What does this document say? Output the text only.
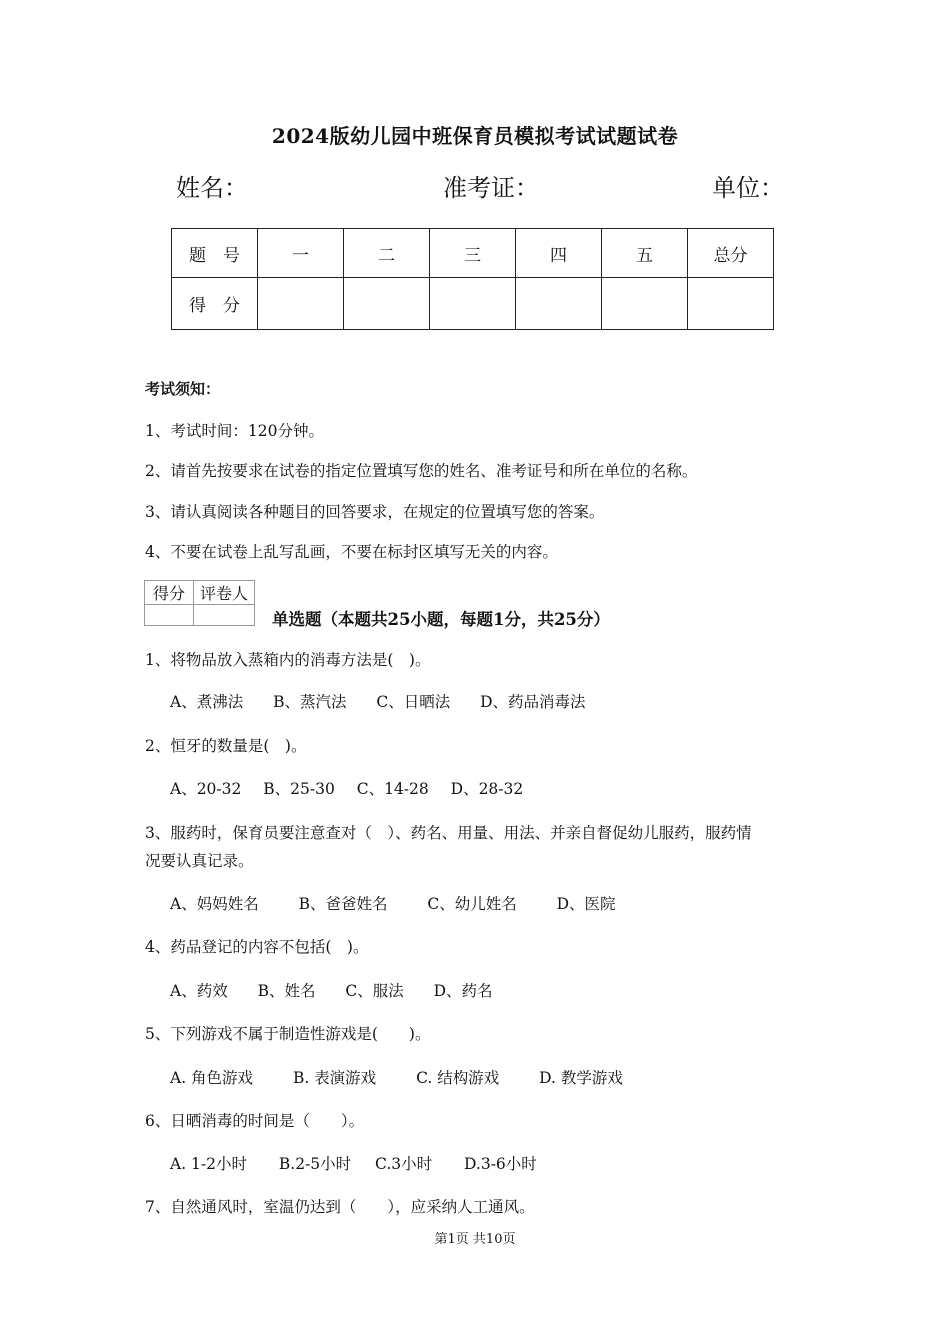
2024版幼儿园中班保育员模拟考试试题试卷
姓名：	准考证：	单位：
题　号	一	二	三	四	五	总分
得　分						
考试须知：
1、考试时间：120分钟。
2、请首先按要求在试卷的指定位置填写您的姓名、准考证号和所在单位的名称。
3、请认真阅读各种题目的回答要求，在规定的位置填写您的答案。
4、不要在试卷上乱写乱画，不要在标封区填写无关的内容。
得分	评卷人

单选题（本题共25小题，每题1分，共25分）
1、将物品放入蒸箱内的消毒方法是(　)。
A、煮沸法 B、蒸汽法 C、日晒法 D、药品消毒法
2、恒牙的数量是(　)。
A、20-32 B、25-30 C、14-28 D、28-32
3、服药时，保育员要注意查对（　）、药名、用量、用法、并亲自督促幼儿服药，服药情
况要认真记录。
A、妈妈姓名	B、爸爸姓名	C、幼儿姓名	D、医院
4、药品登记的内容不包括(　)。
A、药效 B、姓名 C、服法 D、药名
5、下列游戏不属于制造性游戏是(　　)。
A. 角色游戏	B. 表演游戏	C. 结构游戏	D. 教学游戏
6、日晒消毒的时间是（　　）。
A. 1-2小时 B.2-5小时 C.3小时 D.3-6小时
7、自然通风时，室温仍达到（　　），应采纳人工通风。
第1页 共10页
